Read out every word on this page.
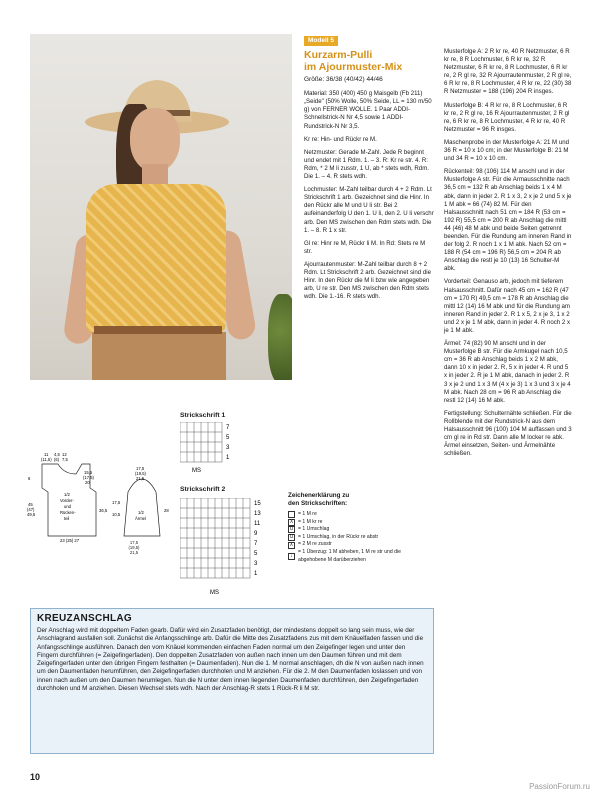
Modell 5
Kurzarm-Pulli
im Ajourmuster-Mix
Größe: 36/38 (40/42) 44/46
Material: 350 (400) 450 g Maisgelb (Fb 211) „Seide" (50% Wolle, 50% Seide, LL = 130 m/50 g) von FERNER WOLLE. 1 Paar ADDI-Schnellstrick-N Nr 4,5 sowie 1 ADDI-Rundstrick-N Nr 3,5.
Kr re: Hin- und Rückr re M.
Netzmuster: Gerade M-Zahl. Jede R beginnt und endet mit 1 Rdm. 1. – 3. R: Kr re str. 4. R: Rdm, * 2 M li zusstr, 1 U, ab * stets wdh, Rdm. Die 1. – 4. R stets wdh.
Lochmuster: M-Zahl teilbar durch 4 + 2 Rdm. Lt Strickschrift 1 arb. Gezeichnet sind die Hinr. In den Rückr alle M und U li str. Bei 2 aufeinanderfolg U den 1. U li, den 2. U li verschr arb. Den MS zwischen den Rdm stets wdh. Die 1. – 8. R 1 x str.
Gl re: Hinr re M, Rückr li M. In Rd: Stets re M str.
Ajourrautenmuster: M-Zahl teilbar durch 8 + 2 Rdm. Lt Strickschrift 2 arb. Gezeichnet sind die Hinr. In den Rückr die M li bzw wie angegeben arb, U re str. Den MS zwischen den Rdm stets wdh. Die 1.-16. R stets wdh.
Musterfolge A: 2 R kr re, 40 R Netzmuster, 6 R kr re, 8 R Lochmuster, 6 R kr re, 32 R Netzmuster, 6 R kr re, 8 R Lochmuster, 6 R kr re, 2 R gl re, 32 R Ajourrautenmuster, 2 R gl re, 6 R kr re, 8 R Lochmuster, 4 R kr re, 22 (30) 38 R Netzmuster = 188 (196) 204 R insges.
Musterfolge B: 4 R kr re, 8 R Lochmuster, 6 R kr re, 2 R gl re, 16 R Ajourrautenmuster, 2 R gl re, 6 R kr re, 8 R Lochmuster, 4 R kr re, 40 R Netzmuster = 96 R insges.
Maschenprobe in der Musterfolge A: 21 M und 36 R = 10 x 10 cm; in der Musterfolge B: 21 M und 34 R = 10 x 10 cm.
Rückenteil: 98 (106) 114 M anschl und in der Musterfolge A str. Für die Armausschnitte nach 36,5 cm = 132 R ab Anschlag beids 1 x 4 M abk, dann in jeder 2. R 1 x 3, 2 x je 2 und 5 x je 1 M abk = 66 (74) 82 M. Für den Halsausschnitt nach 51 cm = 184 R (53 cm = 192 R) 55,5 cm = 200 R ab Anschlag die mittl 44 (46) 48 M abk und beide Seiten getrennt beenden. Für die Rundung am inneren Rand in der folg 2. R noch 1 x 1 M abk. Nach 52 cm = 188 R (54 cm = 196 R) 56,5 cm = 204 R ab Anschlag die restl je 10 (13) 16 Schulter-M abk.
Vorderteil: Genauso arb, jedoch mit tieferem Halsausschnitt. Dafür nach 45 cm = 162 R (47 cm = 170 R) 49,5 cm = 178 R ab Anschlag die mittl 12 (14) 16 M abk und für die Rundung am inneren Rand in jeder 2. R 1 x 5, 2 x je 3, 1 x 2 und 2 x je 1 M abk, dann in jeder 4. R noch 2 x je 1 M abk.
Ärmel: 74 (82) 90 M anschl und in der Musterfolge B str. Für die Armkugel nach 10,5 cm = 36 R ab Anschlag beids 1 x 2 M abk, dann 10 x in jeder 2. R, 5 x in jeder 4. R und 5 x in jeder 2. R je 1 M abk, danach in jeder 2. R 3 x je 2 und 1 x 3 M (4 x je 3) 1 x 3 und 3 x je 4 M abk. Nach 28 cm = 96 R ab Anschlag die restl 12 (14) 16 M abk.
Fertigstellung: Schulternähte schließen. Für die Rollblende mit der Rundstrick-N aus dem Halsausschnitt 96 (100) 104 M auffassen und 3 cm gl re in Rd str. Dann alle M locker re abk. Ärmel einsetzen, Seiten- und Ärmelnähte schließen.
11 4,5
(11,5) (6)
12
7,5
15,5
(17,5)
20
6
45
(47)
49,5
36,5
1/2
Vorder-
und
Rücken-
teil
23 (25) 27
17,5
(19,5)
21,5
28
10,5
17,5
1/2
Ärmel
17,5
(19,5)
21,5
Strickschrift 1
7
5
3
1
MS
Strickschrift 2
15
13
11
9
7
5
3
1
MS
Zeichenerklärung zu
den Strickschriften:
= 1 M re
X = 1 M kr re
U = 1 Umschlag
U = 1 Umschlag, in der Rückr re abstr
∧ = 2 M re zusstr
↓
= 1 Überzug: 1 M abheben, 1 M re str und die abgehobene M darüberziehen
KREUZANSCHLAG
Der Anschlag wird mit doppeltem Faden gearb. Dafür wird ein Zusatzfaden benötigt, der mindestens doppelt so lang sein muss, wie der Anschlagrand ausfallen soll. Zunächst die Anfangsschlinge arb. Dafür die Mitte des Zusatzfadens zus mit dem Knäuelfaden fassen und die Anfangsschlinge ausführen. Danach den vom Knäuel kommenden einfachen Faden normal um den Zeigefinger legen und unter den Fingern durchführen (= Zeigefingerfaden). Den doppelten Zusatzfaden von außen nach innen um den Daumen führen und mit dem Zeigefingerfaden unter den übrigen Fingern festhalten (= Daumenfaden). Nun die 1. M normal anschlagen, dh die N von außen nach innen um den Daumenfaden herumführen, den Zeigefingerfaden durchholen und M anziehen. Für die 2. M den Daumenfaden loslassen und von innen nach außen um den Daumen herumlegen. Nun die N unter dem innen liegenden Daumenfaden durchführen, den Zeigefingerfaden durchholen und M anziehen. Diesen Wechsel stets wdh. Nach der Anschlag-R stets 1 Rück-R li M str.
10
PassionForum.ru
